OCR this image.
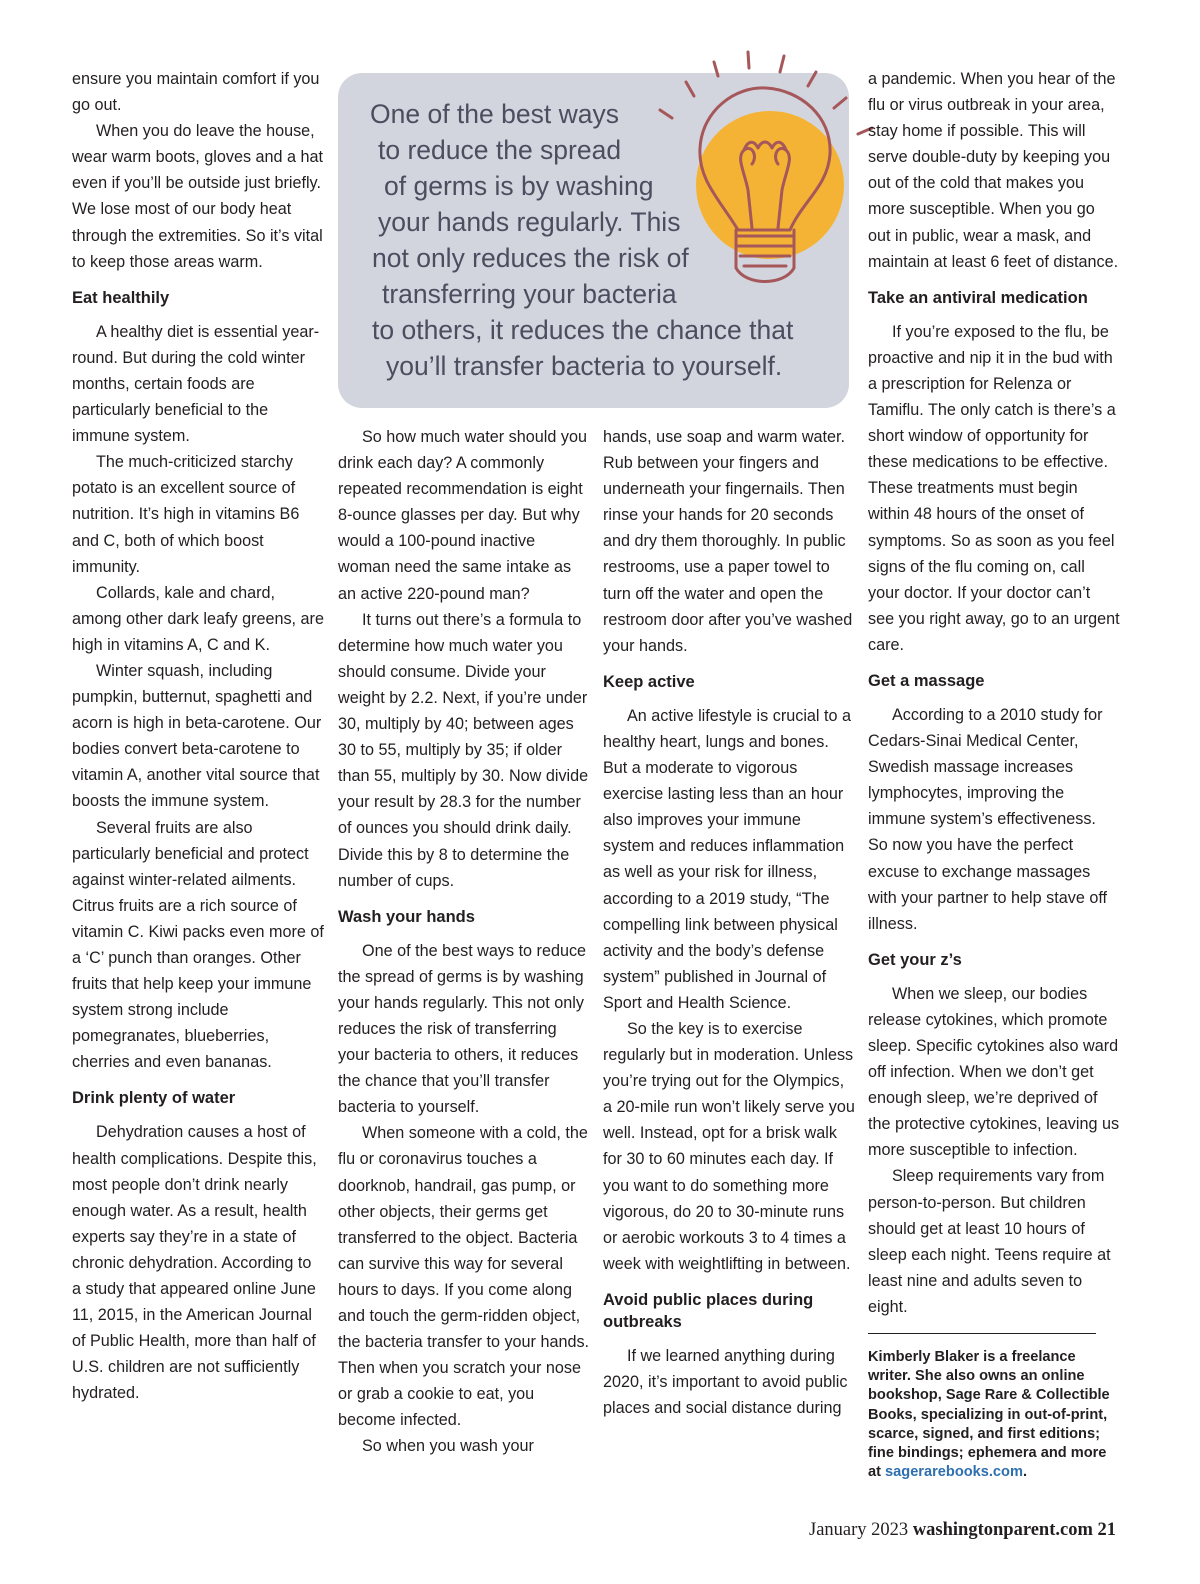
One of the best ways
to reduce the spread
of germs is by washing
your hands regularly. This
not only reduces the risk of
transferring your bacteria
to others, it reduces the chance that
you’ll transfer bacteria to yourself.

ensure you maintain comfort if you go out.

When you do leave the house, wear warm boots, gloves and a hat even if you’ll be outside just briefly. We lose most of our body heat through the extremities. So it’s vital to keep those areas warm.

Eat healthily

A healthy diet is essential year-round. But during the cold winter months, certain foods are particularly beneficial to the immune system.

The much-criticized starchy potato is an excellent source of nutrition. It’s high in vitamins B6 and C, both of which boost immunity.

Collards, kale and chard, among other dark leafy greens, are high in vitamins A, C and K.

Winter squash, including pumpkin, butternut, spaghetti and acorn is high in beta-carotene. Our bodies convert beta-carotene to vitamin A, another vital source that boosts the immune system.

Several fruits are also particularly beneficial and protect against winter-related ailments. Citrus fruits are a rich source of vitamin C. Kiwi packs even more of a ‘C’ punch than oranges. Other fruits that help keep your immune system strong include pomegranates, blueberries, cherries and even bananas.

Drink plenty of water

Dehydration causes a host of health complications. Despite this, most people don’t drink nearly enough water. As a result, health experts say they’re in a state of chronic dehydration. According to a study that appeared online June 11, 2015, in the American Journal of Public Health, more than half of U.S. children are not sufficiently hydrated.

So how much water should you drink each day? A commonly repeated recommendation is eight 8-ounce glasses per day. But why would a 100-pound inactive woman need the same intake as an active 220-pound man?

It turns out there’s a formula to determine how much water you should consume. Divide your weight by 2.2. Next, if you’re under 30, multiply by 40; between ages 30 to 55, multiply by 35; if older than 55, multiply by 30. Now divide your result by 28.3 for the number of ounces you should drink daily. Divide this by 8 to determine the number of cups.

Wash your hands

One of the best ways to reduce the spread of germs is by washing your hands regularly. This not only reduces the risk of transferring your bacteria to others, it reduces the chance that you’ll transfer bacteria to yourself.

When someone with a cold, the flu or coronavirus touches a doorknob, handrail, gas pump, or other objects, their germs get transferred to the object. Bacteria can survive this way for several hours to days. If you come along and touch the germ-ridden object, the bacteria transfer to your hands. Then when you scratch your nose or grab a cookie to eat, you become infected.

So when you wash your

hands, use soap and warm water. Rub between your fingers and underneath your fingernails. Then rinse your hands for 20 seconds and dry them thoroughly. In public restrooms, use a paper towel to turn off the water and open the restroom door after you’ve washed your hands.

Keep active

An active lifestyle is crucial to a healthy heart, lungs and bones. But a moderate to vigorous exercise lasting less than an hour also improves your immune system and reduces inflammation as well as your risk for illness, according to a 2019 study, “The compelling link between physical activity and the body’s defense system” published in Journal of Sport and Health Science.

So the key is to exercise regularly but in moderation. Unless you’re trying out for the Olympics, a 20-mile run won’t likely serve you well. Instead, opt for a brisk walk for 30 to 60 minutes each day. If you want to do something more vigorous, do 20 to 30-minute runs or aerobic workouts 3 to 4 times a week with weightlifting in between.

Avoid public places during outbreaks

If we learned anything during 2020, it’s important to avoid public places and social distance during

a pandemic. When you hear of the flu or virus outbreak in your area, stay home if possible. This will serve double-duty by keeping you out of the cold that makes you more susceptible. When you go out in public, wear a mask, and maintain at least 6 feet of distance.

Take an antiviral medication

If you’re exposed to the flu, be proactive and nip it in the bud with a prescription for Relenza or Tamiflu. The only catch is there’s a short window of opportunity for these medications to be effective. These treatments must begin within 48 hours of the onset of symptoms. So as soon as you feel signs of the flu coming on, call your doctor. If your doctor can’t see you right away, go to an urgent care.

Get a massage

According to a 2010 study for Cedars-Sinai Medical Center, Swedish massage increases lymphocytes, improving the immune system’s effectiveness. So now you have the perfect excuse to exchange massages with your partner to help stave off illness.

Get your z’s

When we sleep, our bodies release cytokines, which promote sleep. Specific cytokines also ward off infection. When we don’t get enough sleep, we’re deprived of the protective cytokines, leaving us more susceptible to infection.

Sleep requirements vary from person-to-person. But children should get at least 10 hours of sleep each night. Teens require at least nine and adults seven to eight.

Kimberly Blaker is a freelance writer. She also owns an online bookshop, Sage Rare & Collectible Books, specializing in out-of-print, scarce, signed, and first editions; fine bindings; ephemera and more at sagerarebooks.com.
January 2023 washingtonparent.com 21
